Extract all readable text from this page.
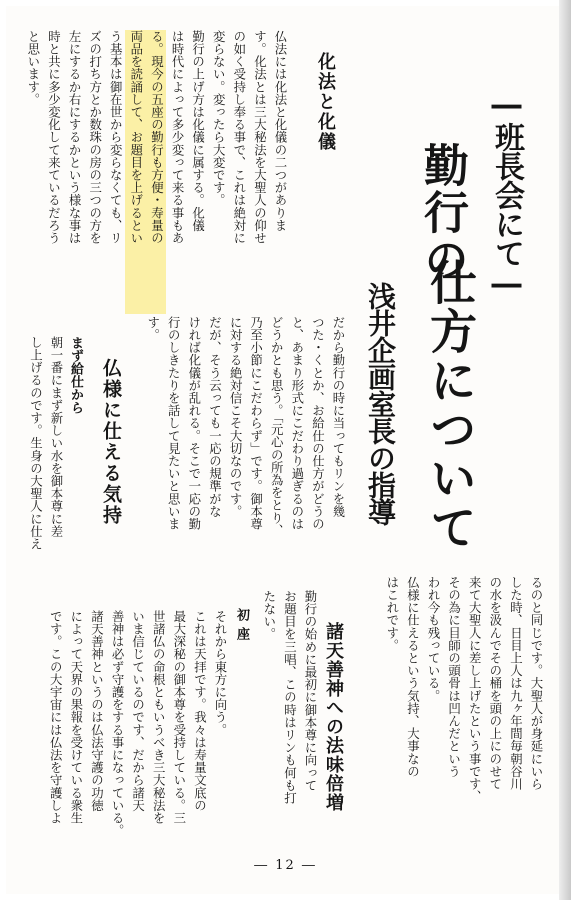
―班長会にて―
勤行の
仕方について
浅井企画室長の指導
化法と化儀
仏法には化法と化儀の二つがありま
す。化法とは三大秘法を大聖人の仰せ
の如く受持し奉る事で、これは絶対に
変らない。変ったら大変です。
勤行の上げ方は化儀に属する。化儀
は時代によって多少変って来る事もあ
る。現今の五座の勤行も方便・寿量の
両品を読誦して、お題目を上げるとい
う基本は御在世から変らなくても、リ
ズの打ち方とか数珠の房の三つの方を
左にするか右にするかという様な事は
時と共に多少変化して来ているだろう
と思います。
だから勤行の時に当ってもリンを幾
つた・くとか、お給仕の仕方がどうの
と、あまり形式にこだわり過ぎるのは
どうかとも思う。「元心の所為をとり、
乃至小節にこだわらず」です。御本尊
に対する絶対信こそ大切なのです。
だが、そう云っても一応の規準がな
ければ化儀が乱れる。そこで一応の勤
行のしきたりを話して見たいと思いま
す。
仏様に仕える気持
まず給仕から
朝一番にまず新しい水を御本尊に差
し上げるのです。生身の大聖人に仕え
るのと同じです。大聖人が身延にいら
した時、日目上人は九ヶ年間毎朝谷川
の水を汲んでその桶を頭の上にのせて
来て大聖人に差し上げたという事です、
その為に目師の頭骨は凹んだという
われ今も残っている。
仏様に仕えるという気持、大事なの
はこれです。
諸天善神への法味倍増
勤行の始めに最初に御本尊に向って
お題目を三唱、この時はリンも何も打
たない。
初座
それから東方に向う。
これは天拝です。我々は寿量文底の
最大深秘の御本尊を受持している。三
世諸仏の命根ともいうべき三大秘法を
いま信じているのです、だから諸天
善神は必ず守護をする事になっている。
諸天善神というのは仏法守護の功徳
によって天界の果報を受けている衆生
です。この大宇宙には仏法を守護しよ
― 12 ―
